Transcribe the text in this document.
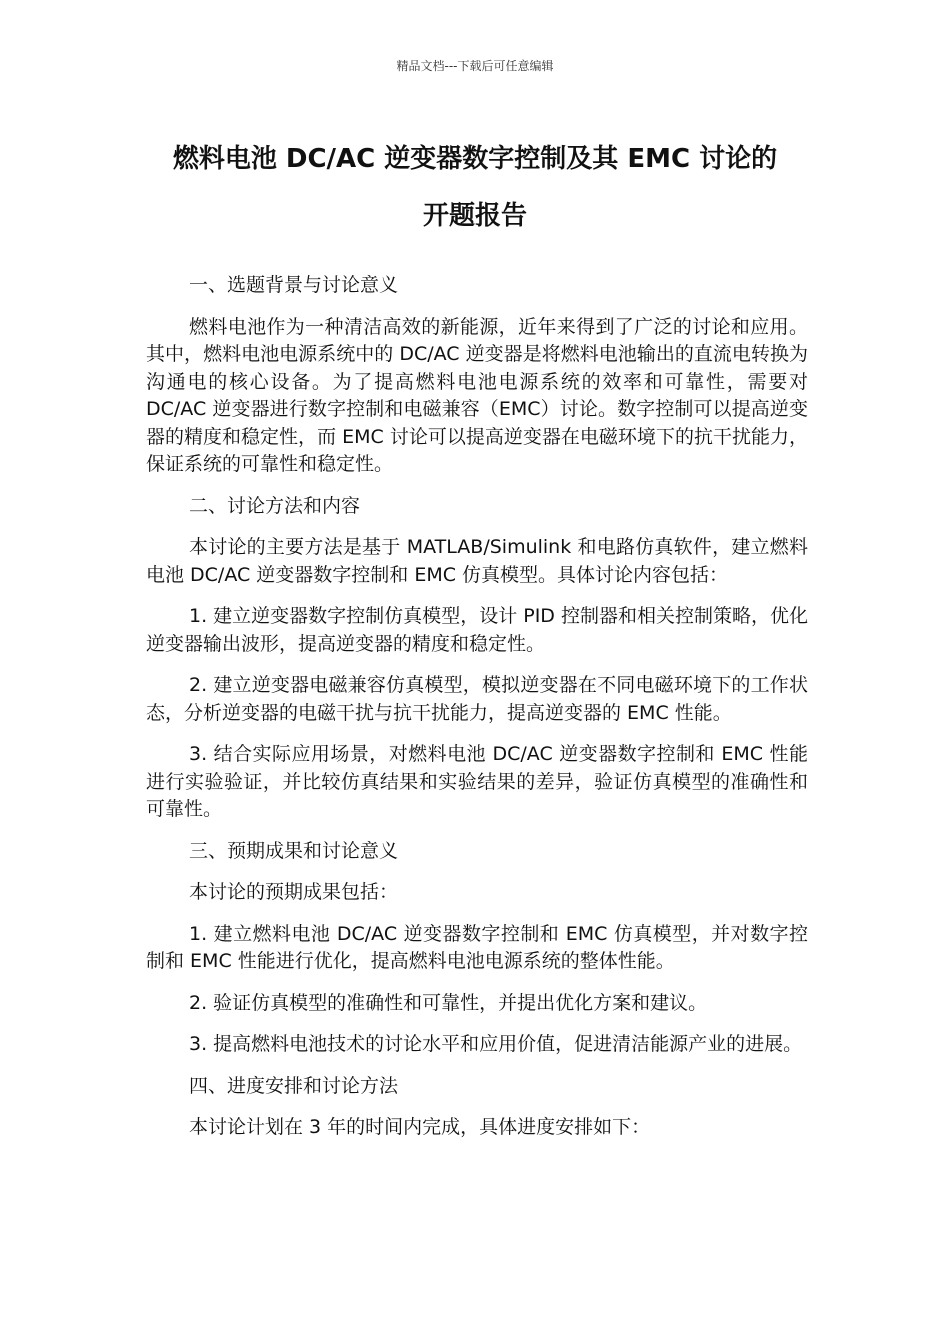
精品文档---下载后可任意编辑
燃料电池 DC/AC 逆变器数字控制及其 EMC 讨论的
开题报告

一、选题背景与讨论意义

燃料电池作为一种清洁高效的新能源，近年来得到了广泛的讨论和应用。其中，燃料电池电源系统中的 DC/AC 逆变器是将燃料电池输出的直流电转换为沟通电的核心设备。为了提高燃料电池电源系统的效率和可靠性，需要对 DC/AC 逆变器进行数字控制和电磁兼容（EMC）讨论。数字控制可以提高逆变器的精度和稳定性，而 EMC 讨论可以提高逆变器在电磁环境下的抗干扰能力，保证系统的可靠性和稳定性。

二、讨论方法和内容

本讨论的主要方法是基于 MATLAB/Simulink 和电路仿真软件，建立燃料电池 DC/AC 逆变器数字控制和 EMC 仿真模型。具体讨论内容包括：

1. 建立逆变器数字控制仿真模型，设计 PID 控制器和相关控制策略，优化逆变器输出波形，提高逆变器的精度和稳定性。

2. 建立逆变器电磁兼容仿真模型，模拟逆变器在不同电磁环境下的工作状态，分析逆变器的电磁干扰与抗干扰能力，提高逆变器的 EMC 性能。

3. 结合实际应用场景，对燃料电池 DC/AC 逆变器数字控制和 EMC 性能进行实验验证，并比较仿真结果和实验结果的差异，验证仿真模型的准确性和可靠性。

三、预期成果和讨论意义

本讨论的预期成果包括：

1. 建立燃料电池 DC/AC 逆变器数字控制和 EMC 仿真模型，并对数字控制和 EMC 性能进行优化，提高燃料电池电源系统的整体性能。

2. 验证仿真模型的准确性和可靠性，并提出优化方案和建议。

3. 提高燃料电池技术的讨论水平和应用价值，促进清洁能源产业的进展。

四、进度安排和讨论方法

本讨论计划在 3 年的时间内完成，具体进度安排如下：
